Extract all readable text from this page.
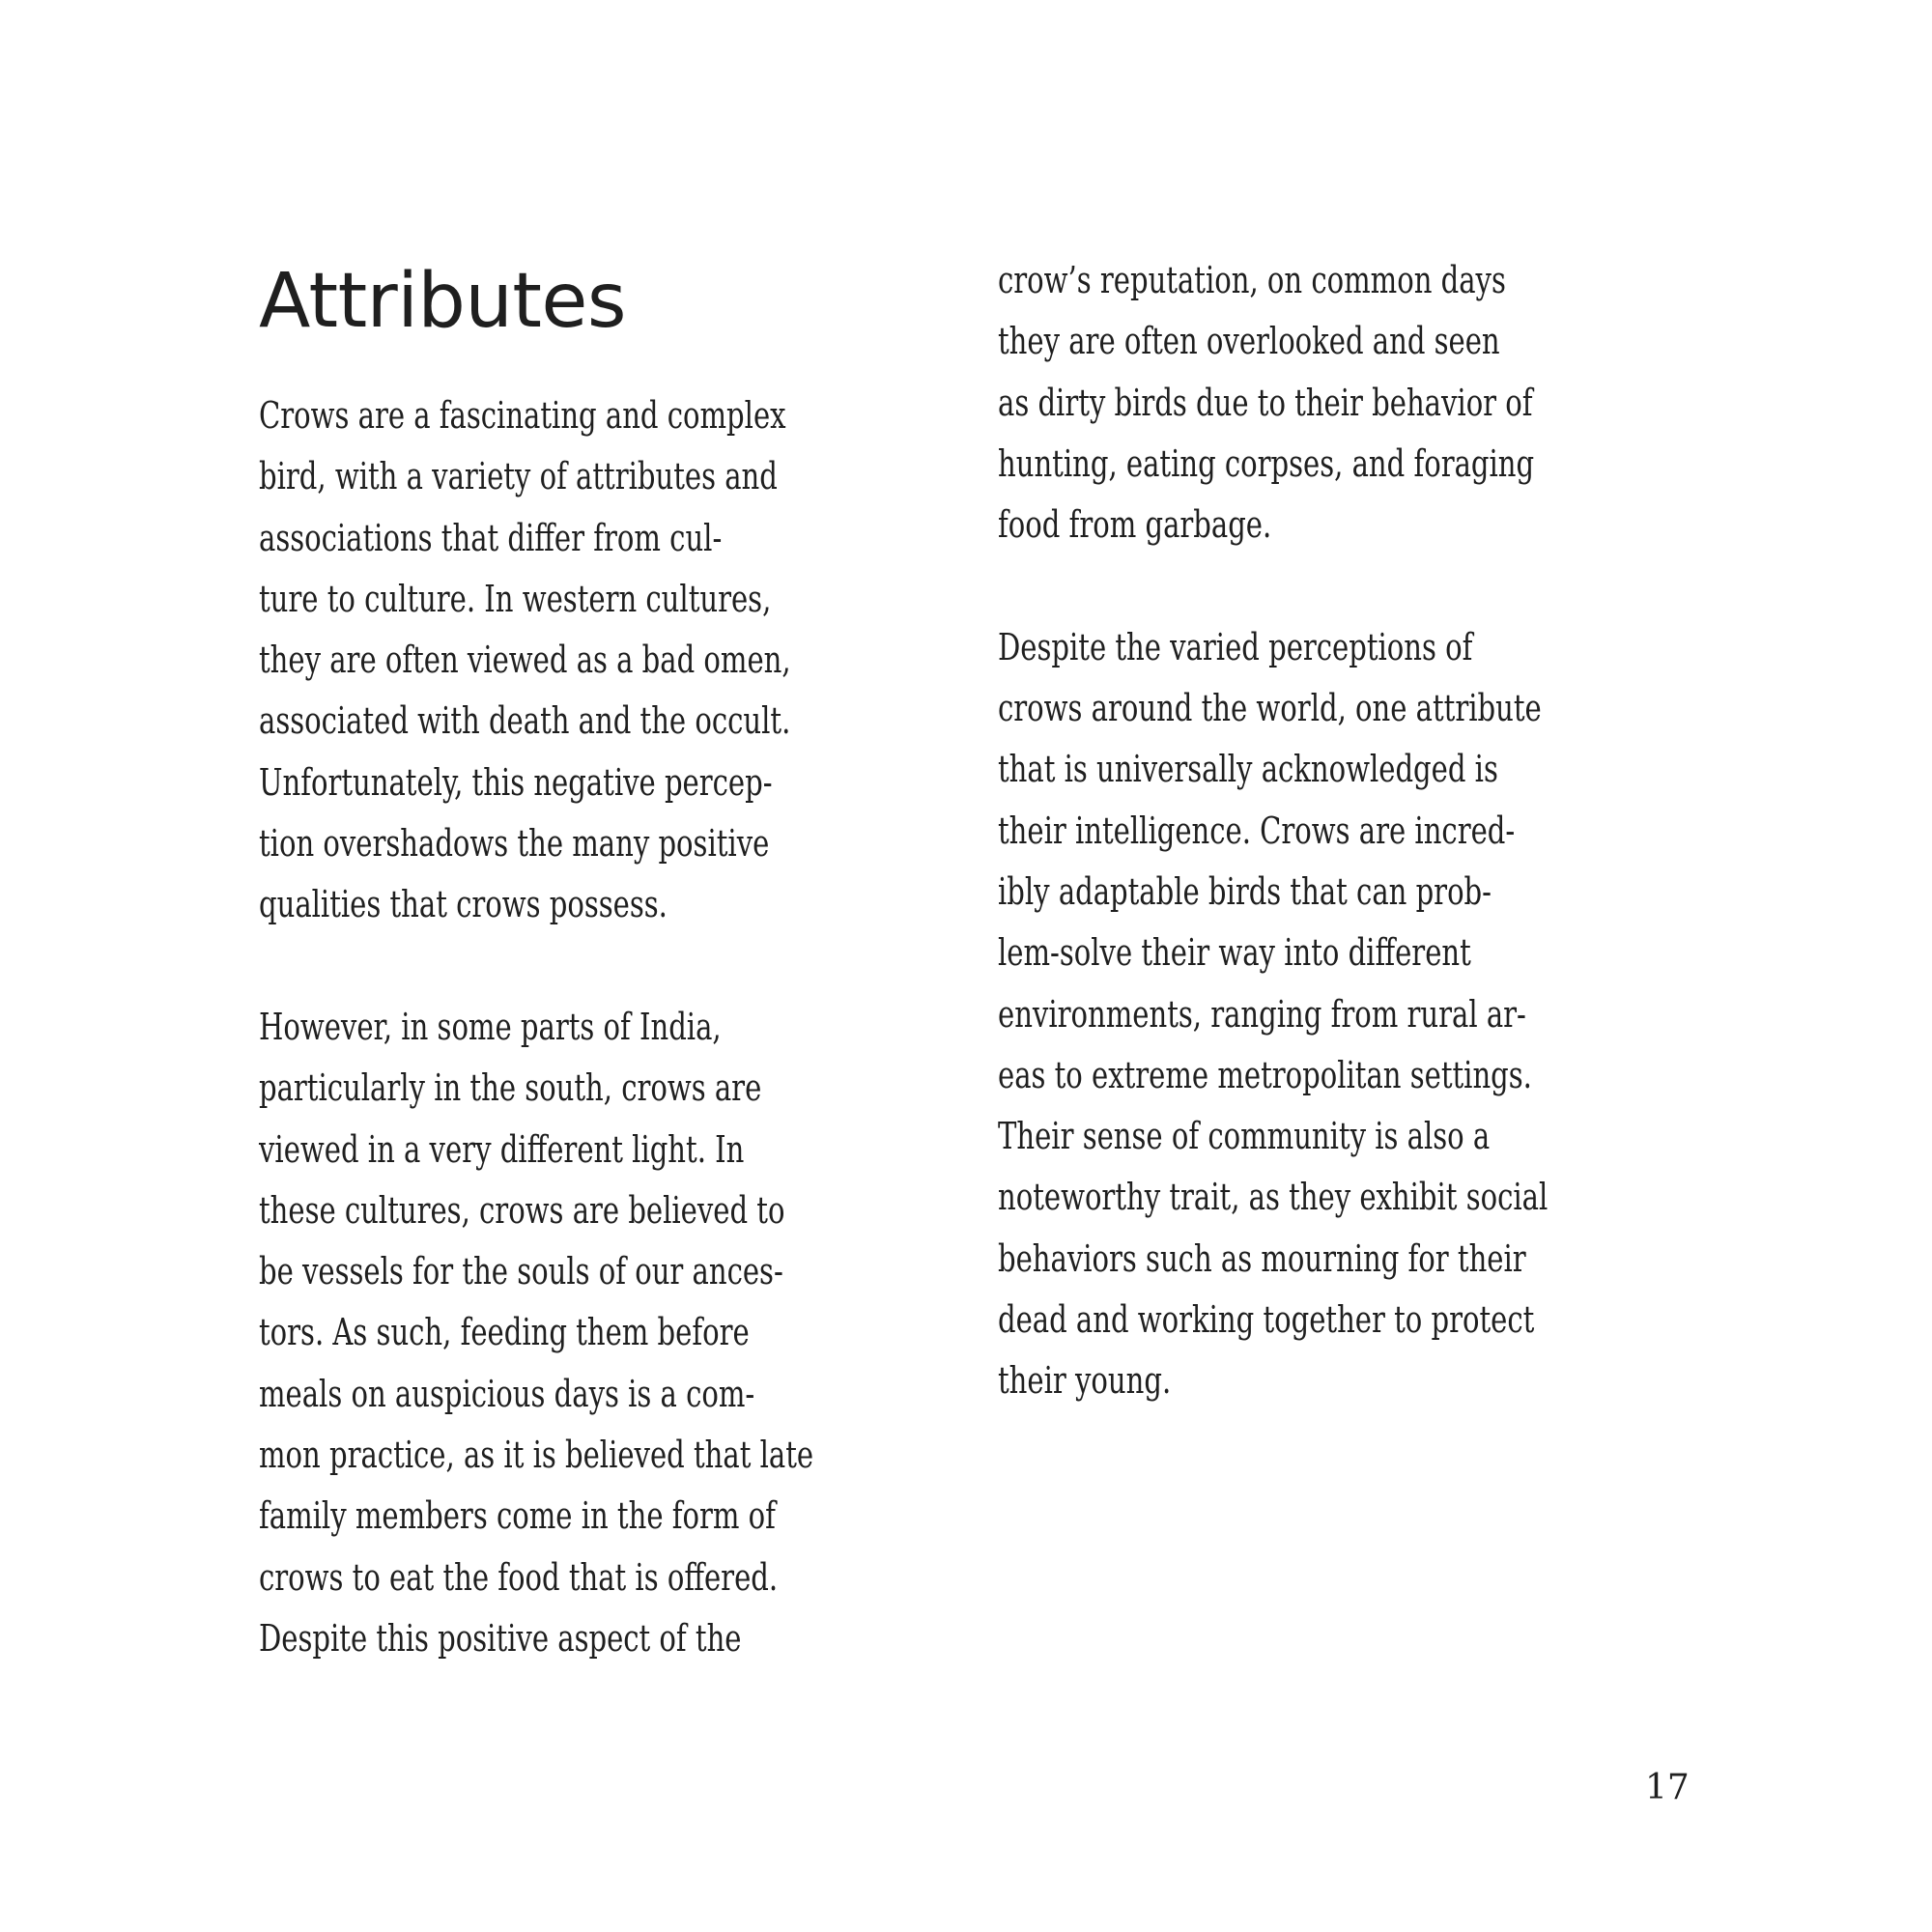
Attributes

Crows are a fascinating and complex
bird, with a variety of attributes and
associations that differ from cul-
ture to culture. In western cultures,
they are often viewed as a bad omen,
associated with death and the occult.
Unfortunately, this negative percep-
tion overshadows the many positive
qualities that crows possess.

However, in some parts of India,
particularly in the south, crows are
viewed in a very different light. In
these cultures, crows are believed to
be vessels for the souls of our ances-
tors. As such, feeding them before
meals on auspicious days is a com-
mon practice, as it is believed that late
family members come in the form of
crows to eat the food that is offered.
Despite this positive aspect of the

crow’s reputation, on common days
they are often overlooked and seen
as dirty birds due to their behavior of
hunting, eating corpses, and foraging
food from garbage.

Despite the varied perceptions of
crows around the world, one attribute
that is universally acknowledged is
their intelligence. Crows are incred-
ibly adaptable birds that can prob-
lem-solve their way into different
environments, ranging from rural ar-
eas to extreme metropolitan settings.
Their sense of community is also a
noteworthy trait, as they exhibit social
behaviors such as mourning for their
dead and working together to protect
their young.

17
